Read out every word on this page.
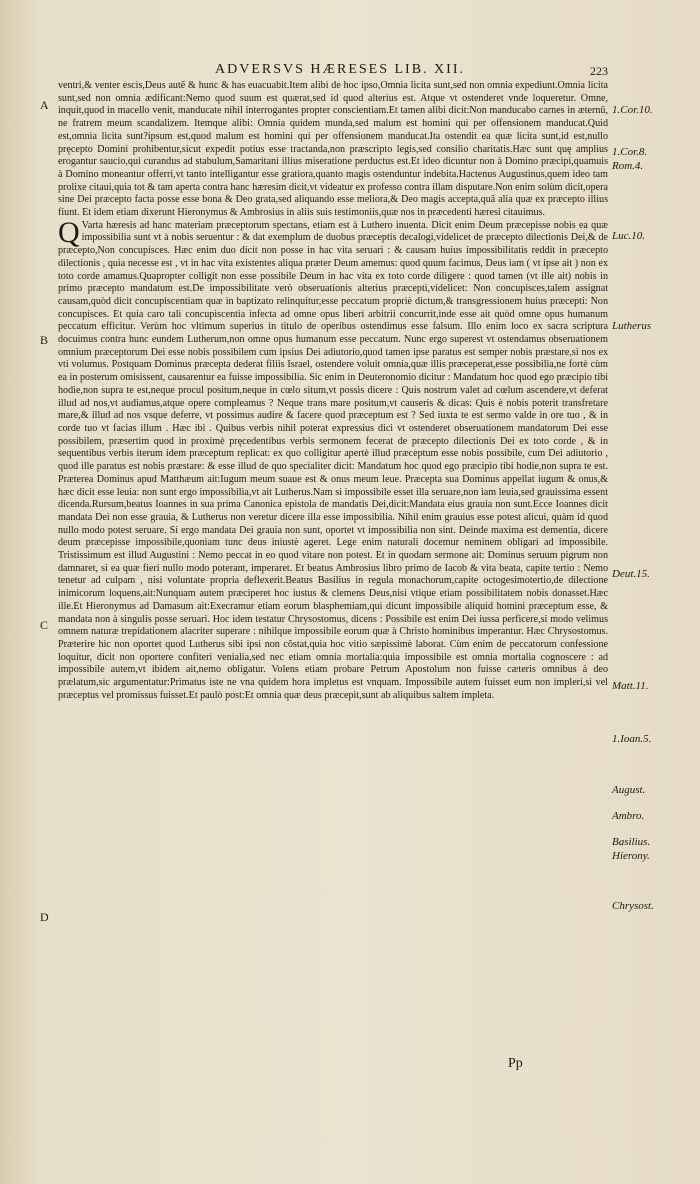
ADVERSVS HÆRESES LIB. XII.	223
A
B
C
D
1.Cor.10.
1.Cor.8.
Rom.4.
Luc.10.
Lutherus
Deut.15.
Matt.11.
1.Ioan.5.
August.
Ambro.
Basilius.
Hierony.
Chrysost.

ventri,& venter escis,Deus autẽ & hunc & has euacuabit.Item alibi de hoc ipso,Omnia licita sunt,sed non omnia expediunt.Omnia licita sunt,sed non omnia ædificant:Nemo quod suum est quærat,sed id quod alterius est. Atque vt ostenderet vnde loqueretur. Omne, inquit,quod in macello venit, manducate nihil interrogantes propter conscientiam.Et tamen alibi dicit:Non manducabo carnes in æternũ, ne fratrem meum scandalizem. Itemque alibi: Omnia quidem munda,sed malum est homini qui per offensionem manducat.Quid est,omnia licita sunt?ipsum est,quod malum est homini qui per offensionem manducat.Ita ostendit ea quæ licita sunt,id est,nullo pręcepto Domini prohibentur,sicut expedit potius esse tractanda,non præscripto legis,sed consilio charitatis.Hæc sunt quę amplius erogantur saucio,qui curandus ad stabulum,Samaritani illius miseratione perductus est.Et ideo dicuntur non à Domino præcipi,quamuis à Domino moneantur offerri,vt tanto intelligantur esse gratiora,quanto magis ostenduntur indebita.Hactenus Augustinus,quem ideo tam prolixe citaui,quia tot & tam aperta contra hanc hæresim dicit,vt videatur ex professo contra illam disputare.Non enim solùm dicit,opera sine Dei præcepto facta posse esse bona & Deo grata,sed aliquando esse meliora,& Deo magis accepta,quã alia quæ ex præcepto illius fiunt. Et idem etiam dixerunt Hieronymus & Ambrosius in aliis suis testimoniis,quæ nos in præcedenti hæresi citauimus.

Q Varta hæresis ad hanc materiam præceptorum spectans, etiam est à Luthero inuenta. Dicit enim Deum præcepisse nobis ea quæ impossibilia sunt vt à nobis seruentur : & dat exemplum de duobus præceptis decalogi,videlicet de præcepto dilectionis Dei,& de præcepto,Non concupisces. Hæc enim duo dicit non posse in hac vita seruari : & causam huius impossibilitatis reddit in præcepto dilectionis , quia necesse est , vt in hac vita existentes aliqua præter Deum amemus: quod quum facimus, Deus iam ( vt ipse ait ) non ex toto corde amamus.Quapropter colligit non esse possibile Deum in hac vita ex toto corde diligere : quod tamen (vt ille ait) nobis in primo præcepto mandatum est.De impossibilitate verò obseruationis alterius præcepti,videlicet: Non concupisces,talem assignat causam,quòd dicit concupiscentiam quæ in baptizato relinquitur,esse peccatum propriè dictum,& transgressionem huius præcepti: Non concupisces. Et quia caro tali concupiscentia infecta ad omne opus liberi arbitrii concurrit,inde esse ait quòd omne opus humanum peccatum efficitur. Verùm hoc vltimum superius in titulo de operibus ostendimus esse falsum. Illo enim loco ex sacra scriptura docuimus contra hunc eundem Lutherum,non omne opus humanum esse peccatum. Nunc ergo superest vt ostendamus obseruationem omnium præceptorum Dei esse nobis possibilem cum ipsius Dei adiutorio,quod tamen ipse paratus est semper nobis præstare,si nos ex vti volumus. Postquam Dominus præcepta dederat filiis Israel, ostendere voluit omnia,quæ illis præceperat,esse possibilia,ne fortè cùm ea in posterum omisissent, causarentur ea fuisse impossibilia. Sic enim in Deuteronomio dicitur : Mandatum hoc quod ego præcipio tibi hodie,non supra te est,neque procul positum,neque in cœlo situm,vt possis dicere : Quis nostrum valet ad cœlum ascendere,vt deferat illud ad nos,vt audiamus,atque opere compleamus ? Neque trans mare positum,vt causeris & dicas: Quis è nobis poterit transfretare mare,& illud ad nos vsque deferre, vt possimus audire & facere quod præceptum est ? Sed iuxta te est sermo valde in ore tuo , & in corde tuo vt facias illum . Hæc ibi . Quibus verbis nihil poterat expressius dici vt ostenderet obseruationem mandatorum Dei esse possibilem, præsertim quod in proximè pręcedentibus verbis sermonem fecerat de præcepto dilectionis Dei ex toto corde , & in sequentibus verbis iterum idem præceptum replicat: ex quo colligitur apertè illud præceptum esse nobis possibile, cum Dei adiutorio , quod ille paratus est nobis præstare: & esse illud de quo specialiter dicit: Mandatum hoc quod ego præcipio tibi hodie,non supra te est. Præterea Dominus apud Matthæum ait:Iugum meum suaue est & onus meum leue. Præcepta sua Dominus appellat iugum & onus,& hæc dicit esse leuia: non sunt ergo impossibilia,vt ait Lutherus.Nam si impossibile esset illa seruare,non iam leuia,sed grauissima essent dicenda.Rursum,beatus Ioannes in sua prima Canonica epistola de mandatis Dei,dicit:Mandata eius grauia non sunt.Ecce Ioannes dicit mandata Dei non esse grauia, & Lutherus non veretur dicere illa esse impossibilia. Nihil enim grauius esse potest alicui, quàm id quod nullo modo potest seruare. Si ergo mandata Dei grauia non sunt, oportet vt impossibilia non sint. Deinde maxima est dementia, dicere deum præcepisse impossibile,quoniam tunc deus iniustè ageret. Lege enim naturali docemur neminem obligari ad impossibile. Tristissimum est illud Augustini : Nemo peccat in eo quod vitare non potest. Et in quodam sermone ait: Dominus seruum pigrum non damnaret, si ea quæ fieri nullo modo poterant, imperaret. Et beatus Ambrosius libro primo de Iacob & vita beata, capite tertio : Nemo tenetur ad culpam , nisi voluntate propria deflexerit.Beatus Basilius in regula monachorum,capite octogesimotertio,de dilectione inimicorum loquens,ait:Nunquam autem præciperet hoc iustus & clemens Deus,nisi vtique etiam possibilitatem nobis donasset.Hæc ille.Et Hieronymus ad Damasum ait:Execramur etiam eorum blasphemiam,qui dicunt impossibile aliquid homini præceptum esse, & mandata non à singulis posse seruari. Hoc idem testatur Chrysostomus, dicens : Possibile est enim Dei iussa perficere,si modo velimus omnem naturæ trepidationem alacriter superare : nihilque impossibile eorum quæ à Christo hominibus imperantur. Hæc Chrysostomus. Præterire hìc non oportet quod Lutherus sibi ipsi non cõstat,quia hoc vitio sæpissimè laborat. Cùm enim de peccatorum confessione loquitur, dicit non oportere confiteri venialia,sed nec etiam omnia mortalia:quia impossibile est omnia mortalia cognoscere : ad impossibile autem,vt ibidem ait,nemo obligatur. Volens etiam probare Petrum Apostolum non fuisse cæteris omnibus à deo prælatum,sic argumentatur:Primatus iste ne vna quidem hora impletus est vnquam. Impossibile autem fuisset eum non impleri,si vel præceptus vel promissus fuisset.Et paulò post:Et omnia quæ deus præcepit,sunt ab aliquibus saltem impleta.

Pp
